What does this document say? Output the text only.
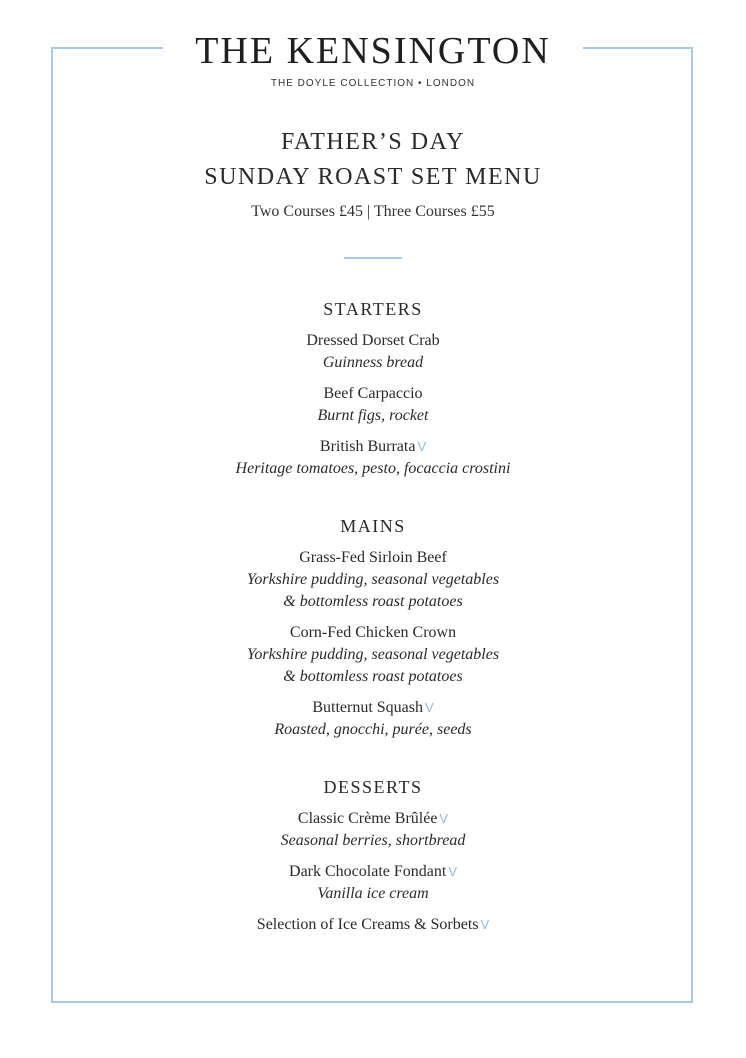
THE KENSINGTON
THE DOYLE COLLECTION • LONDON
FATHER’S DAY
SUNDAY ROAST SET MENU
Two Courses £45 | Three Courses £55
STARTERS
Dressed Dorset Crab
Guinness bread
Beef Carpaccio
Burnt figs, rocket
British Burrata V
Heritage tomatoes, pesto, focaccia crostini
MAINS
Grass-Fed Sirloin Beef
Yorkshire pudding, seasonal vegetables
& bottomless roast potatoes
Corn-Fed Chicken Crown
Yorkshire pudding, seasonal vegetables
& bottomless roast potatoes
Butternut Squash V
Roasted, gnocchi, purée, seeds
DESSERTS
Classic Crème Brûlée V
Seasonal berries, shortbread
Dark Chocolate Fondant V
Vanilla ice cream
Selection of Ice Creams & Sorbets V
